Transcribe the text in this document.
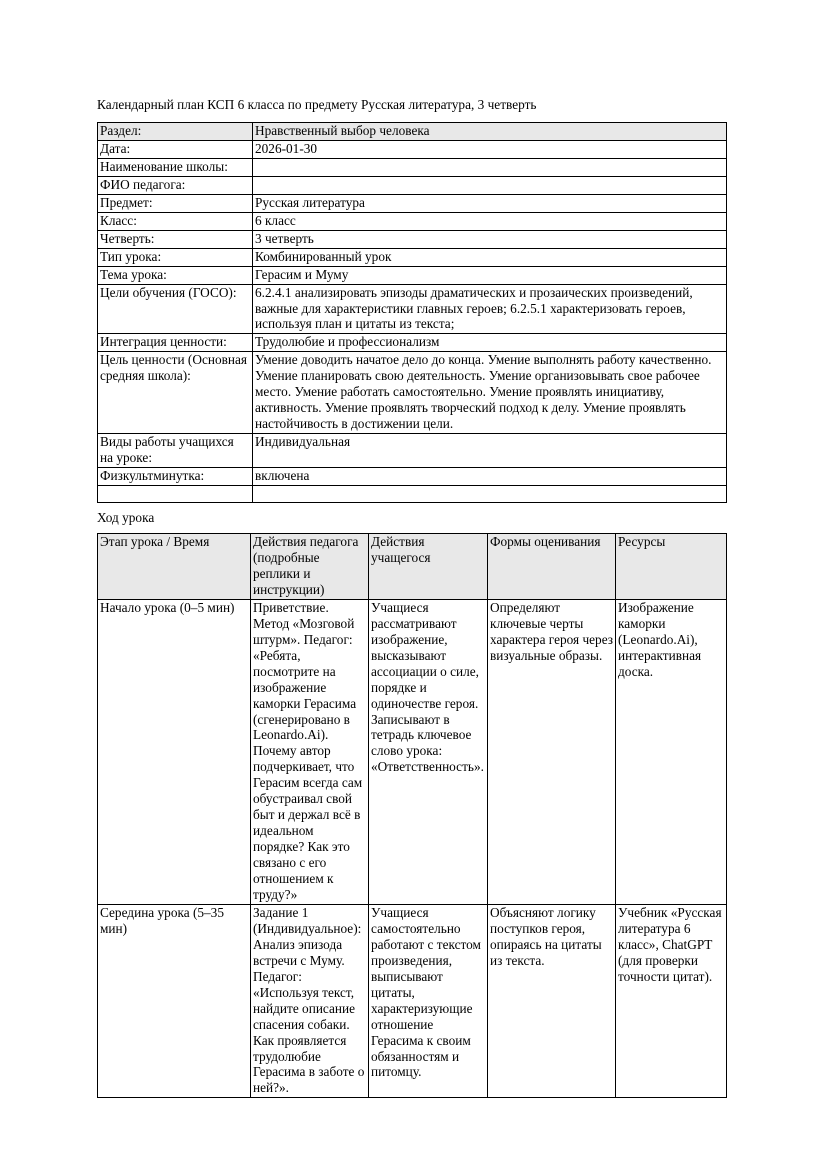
Календарный план КСП 6 класса по предмету Русская литература, 3 четверть

Раздел:	Нравственный выбор человека
Дата:	2026-01-30
Наименование школы:	
ФИО педагога:	
Предмет:	Русская литература
Класс:	6 класс
Четверть:	3 четверть
Тип урока:	Комбинированный урок
Тема урока:	Герасим и Муму
Цели обучения (ГОСО):	6.2.4.1 анализировать эпизоды драматических и прозаических произведений, важные для характеристики главных героев; 6.2.5.1 характеризовать героев, используя план и цитаты из текста;
Интеграция ценности:	Трудолюбие и профессионализм
Цель ценности (Основная средняя школа):	Умение доводить начатое дело до конца. Умение выполнять работу качественно. Умение планировать свою деятельность. Умение организовывать свое рабочее место. Умение работать самостоятельно. Умение проявлять инициативу, активность. Умение проявлять творческий подход к делу. Умение проявлять настойчивость в достижении цели.
Виды работы учащихся на уроке:	Индивидуальная
Физкультминутка:	включена

Ход урока

Этап урока / Время	Действия педагога (подробные реплики и инструкции)	Действия учащегося	Формы оценивания	Ресурсы
Начало урока (0–5 мин)	Приветствие. Метод «Мозговой штурм». Педагог: «Ребята, посмотрите на изображение каморки Герасима (сгенерировано в Leonardo.Ai). Почему автор подчеркивает, что Герасим всегда сам обустраивал свой быт и держал всё в идеальном порядке? Как это связано с его отношением к труду?»	Учащиеся рассматривают изображение, высказывают ассоциации о силе, порядке и одиночестве героя. Записывают в тетрадь ключевое слово урока: «Ответственность».	Определяют ключевые черты характера героя через визуальные образы.	Изображение каморки (Leonardo.Ai), интерактивная доска.
Середина урока (5–35 мин)	Задание 1 (Индивидуальное): Анализ эпизода встречи с Муму. Педагог: «Используя текст, найдите описание спасения собаки. Как проявляется трудолюбие Герасима в заботе о ней?».	Учащиеся самостоятельно работают с текстом произведения, выписывают цитаты, характеризующие отношение Герасима к своим обязанностям и питомцу.	Объясняют логику поступков героя, опираясь на цитаты из текста.	Учебник «Русская литература 6 класс», ChatGPT (для проверки точности цитат).
